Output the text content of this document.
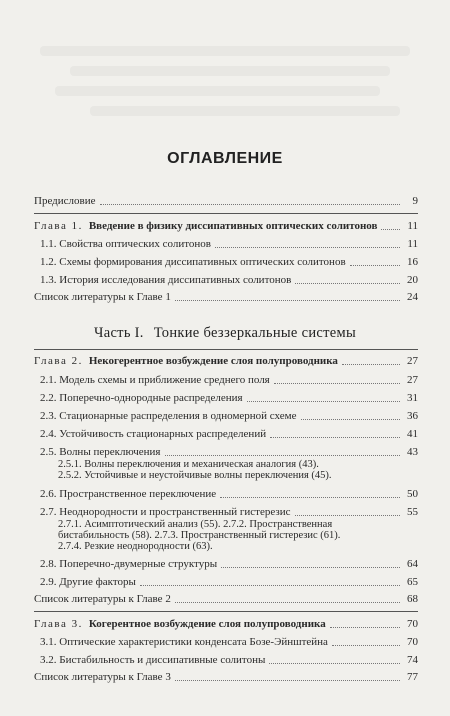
ОГЛАВЛЕНИЕ
Предисловие	9
Глава 1. Введение в физику диссипативных оптических солитонов	11
1.1. Свойства оптических солитонов	11
1.2. Схемы формирования диссипативных оптических солитонов	16
1.3. История исследования диссипативных солитонов	20
Список литературы к Главе 1	24
Часть I. Тонкие беззеркальные системы
Глава 2. Некогерентное возбуждение слоя полупроводника	27
2.1. Модель схемы и приближение среднего поля	27
2.2. Поперечно-однородные распределения	31
2.3. Стационарные распределения в одномерной схеме	36
2.4. Устойчивость стационарных распределений	41
2.5. Волны переключения	43
2.5.1. Волны переключения и механическая аналогия (43).
2.5.2. Устойчивые и неустойчивые волны переключения (45).
2.6. Пространственное переключение	50
2.7. Неоднородности и пространственный гистерезис	55
2.7.1. Асимптотический анализ (55). 2.7.2. Пространственная
бистабильность (58). 2.7.3. Пространственный гистерезис (61).
2.7.4. Резкие неоднородности (63).
2.8. Поперечно-двумерные структуры	64
2.9. Другие факторы	65
Список литературы к Главе 2	68
Глава 3. Когерентное возбуждение слоя полупроводника	70
3.1. Оптические характеристики конденсата Бозе-Эйнштейна	70
3.2. Бистабильность и диссипативные солитоны	74
Список литературы к Главе 3	77
